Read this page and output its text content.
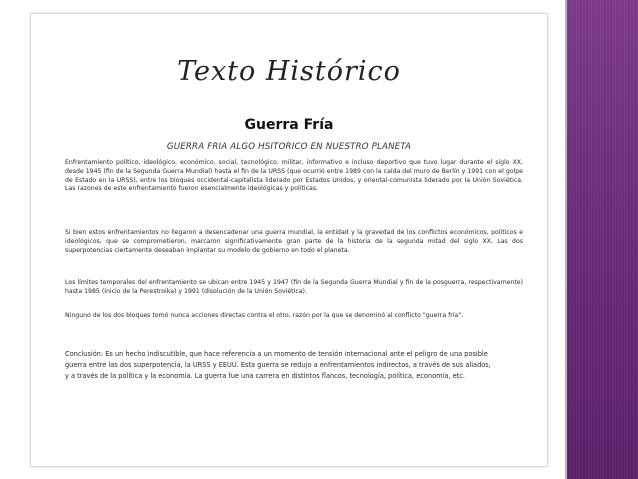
Texto Histórico
Guerra Fría
GUERRA FRIA ALGO HSITORICO EN NUESTRO PLANETA

Enfrentamiento político, ideológico, económico, social, tecnológico, militar, informativo e incluso deportivo que tuvo lugar durante el siglo XX, desde 1945 (fin de la Segunda Guerra Mundial) hasta el fin de la URSS (que ocurrió entre 1989 con la caída del muro de Berlín y 1991 con el golpe de Estado en la URSS), entre los bloques occidental-capitalista liderado por Estados Unidos, y oriental-comunista liderado por la Unión Soviética. Las razones de este enfrentamiento fueron esencialmente ideológicas y políticas.

Si bien estos enfrentamientos no llegaron a desencadenar una guerra mundial, la entidad y la gravedad de los conflictos económicos, políticos e ideológicos, que se comprometieron, marcaron significativamente gran parte de la historia de la segunda mitad del siglo XX. Las dos superpotencias ciertamente deseaban implantar su modelo de gobierno en todo el planeta.

Los límites temporales del enfrentamiento se ubican entre 1945 y 1947 (fin de la Segunda Guerra Mundial y fin de la posguerra, respectivamente) hasta 1985 (inicio de la Perestroika) y 1991 (disolución de la Unión Soviética).

Ninguno de los dos bloques tomó nunca acciones directas contra el otro, razón por la que se denominó al conflicto "guerra fría".

Conclusión: Es un hecho indiscutible, que hace referencia a un momento de tensión internacional ante el peligro de una posible guerra entre las dos superpotencia, la URSS y EEUU. Esta guerra se redujo a enfrentamientos indirectos, a través de sus aliados, y a través de la política y la economía. La guerra fue una carrera en distintos flancos, tecnología, política, economía, etc.
